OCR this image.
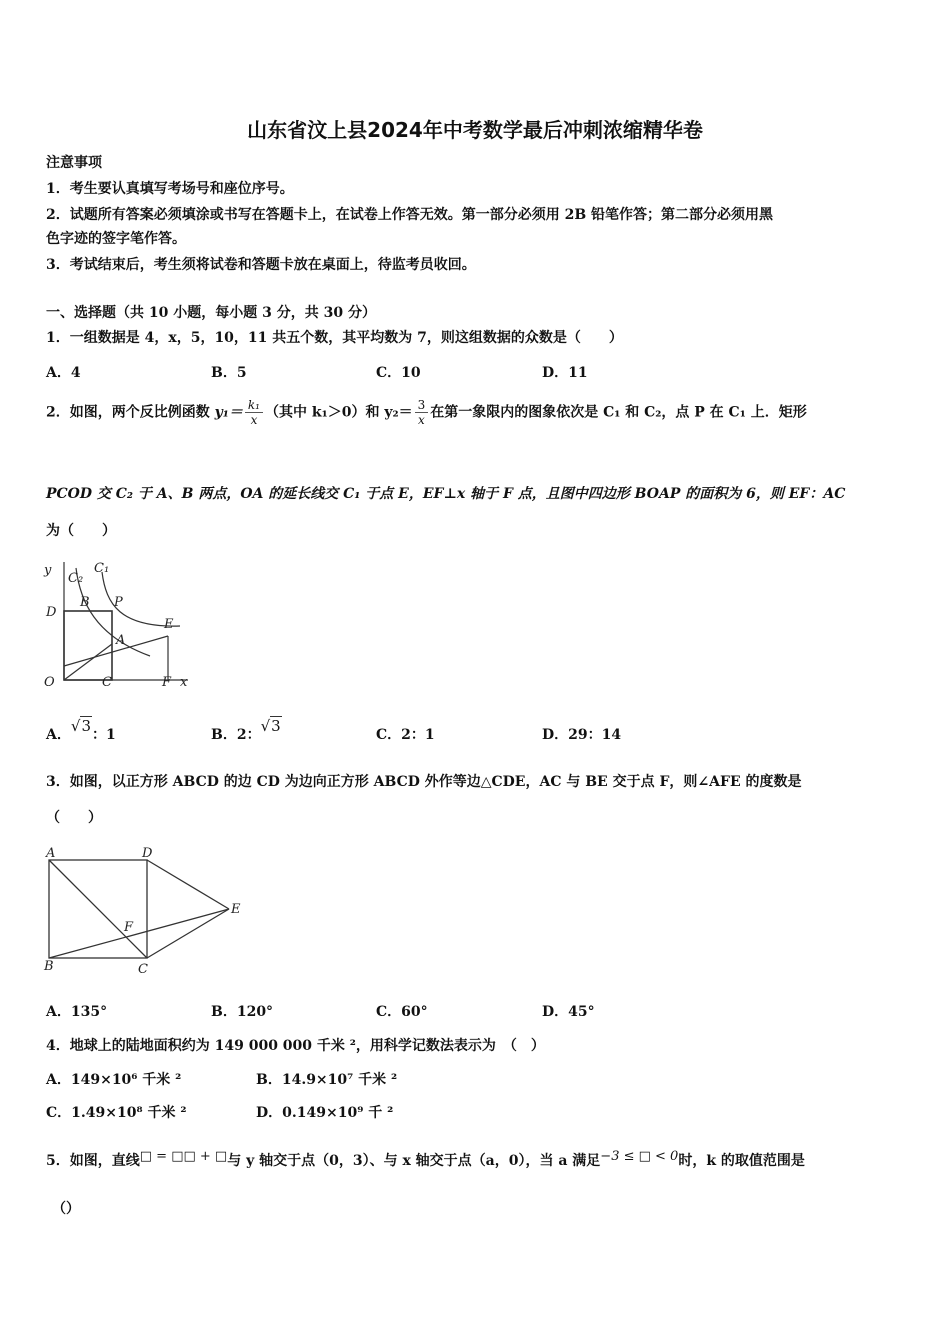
山东省汶上县2024年中考数学最后冲刺浓缩精华卷
注意事项
1．考生要认真填写考场号和座位序号。
2．试题所有答案必须填涂或书写在答题卡上，在试卷上作答无效。第一部分必须用 2B 铅笔作答；第二部分必须用黑
色字迹的签字笔作答。
3．考试结束后，考生须将试卷和答题卡放在桌面上，待监考员收回。
一、选择题（共 10 小题，每小题 3 分，共 30 分）
1．一组数据是 4，x，5，10，11 共五个数，其平均数为 7，则这组数据的众数是（　　）
A．4	B．5	C．10	D．11
2．如图，两个反比例函数 $y_1= \frac{\text{k₁}}{x}$ （其中 k₁＞0）和 $y_2= \frac{3}{x}$ 在第一象限内的图象依次是 C₁ 和 C₂，点 P 在 C₁ 上．矩形
PCOD 交 C₂ 于 A、B 两点，OA 的延长线交 C₁ 于点 E，EF⊥x 轴于 F 点，且图中四边形 BOAP 的面积为 6，则 EF：AC
为（　　）
y
C₂
C₁
D
B P
E
A
O	C	F x
A．√3：1	B．2：√3	C．2：1	D．29：14
3．如图，以正方形 ABCD 的边 CD 为边向正方形 ABCD 外作等边△CDE，AC 与 BE 交于点 F，则∠AFE 的度数是
（　　）
A	D
E
F
B	C
A．135°	B．120°	C．60°	D．45°
4．地球上的陆地面积约为 149 000 000 千米 ²，用科学记数法表示为　（　）
A．149×10⁶ 千米 ²	B．14.9×10⁷ 千米 ²
C．1.49×10⁸ 千米 ²	D．0.149×10⁹ 千 ²
5．如图，直线□ = □□ + □与 y 轴交于点（0，3）、与 x 轴交于点（a，0），当 a 满足−3 ≤ □ < 0时，k 的取值范围是
（）
